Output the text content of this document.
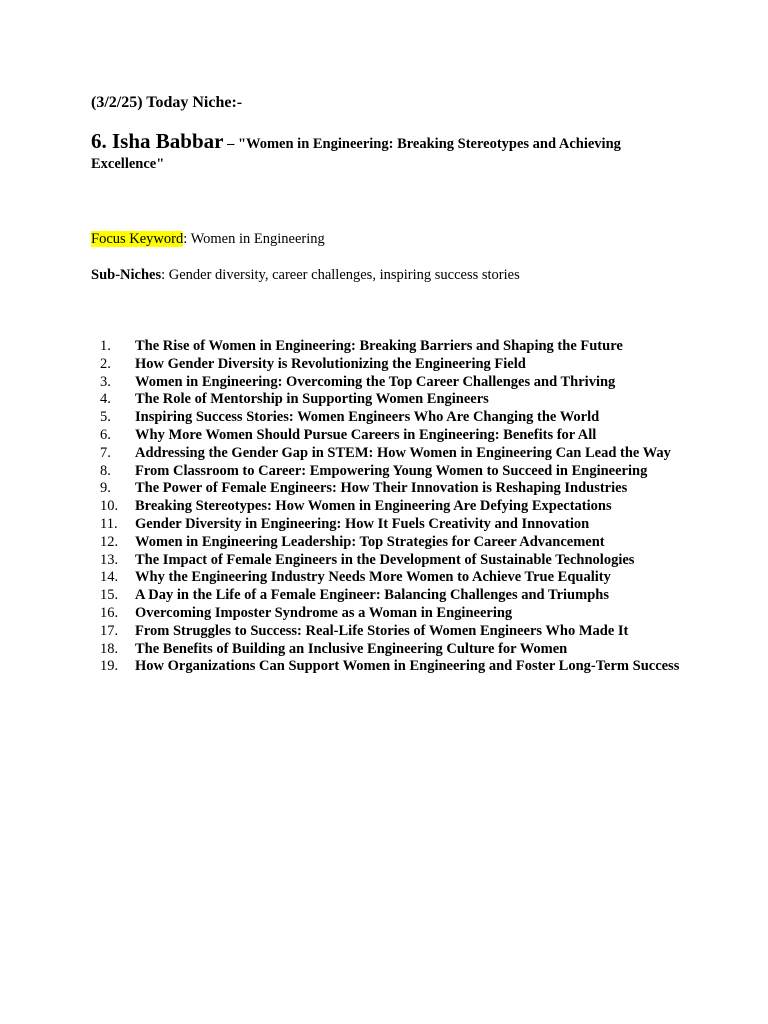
(3/2/25) Today Niche:-
6. Isha Babbar – "Women in Engineering: Breaking Stereotypes and Achieving Excellence"
Focus Keyword: Women in Engineering
Sub-Niches: Gender diversity, career challenges, inspiring success stories
1.	The Rise of Women in Engineering: Breaking Barriers and Shaping the Future
2.	How Gender Diversity is Revolutionizing the Engineering Field
3.	Women in Engineering: Overcoming the Top Career Challenges and Thriving
4.	The Role of Mentorship in Supporting Women Engineers
5.	Inspiring Success Stories: Women Engineers Who Are Changing the World
6.	Why More Women Should Pursue Careers in Engineering: Benefits for All
7.	Addressing the Gender Gap in STEM: How Women in Engineering Can Lead the Way
8.	From Classroom to Career: Empowering Young Women to Succeed in Engineering
9.	The Power of Female Engineers: How Their Innovation is Reshaping Industries
10.	Breaking Stereotypes: How Women in Engineering Are Defying Expectations
11.	Gender Diversity in Engineering: How It Fuels Creativity and Innovation
12.	Women in Engineering Leadership: Top Strategies for Career Advancement
13.	The Impact of Female Engineers in the Development of Sustainable Technologies
14.	Why the Engineering Industry Needs More Women to Achieve True Equality
15.	A Day in the Life of a Female Engineer: Balancing Challenges and Triumphs
16.	Overcoming Imposter Syndrome as a Woman in Engineering
17.	From Struggles to Success: Real-Life Stories of Women Engineers Who Made It
18.	The Benefits of Building an Inclusive Engineering Culture for Women
19.	How Organizations Can Support Women in Engineering and Foster Long-Term Success
